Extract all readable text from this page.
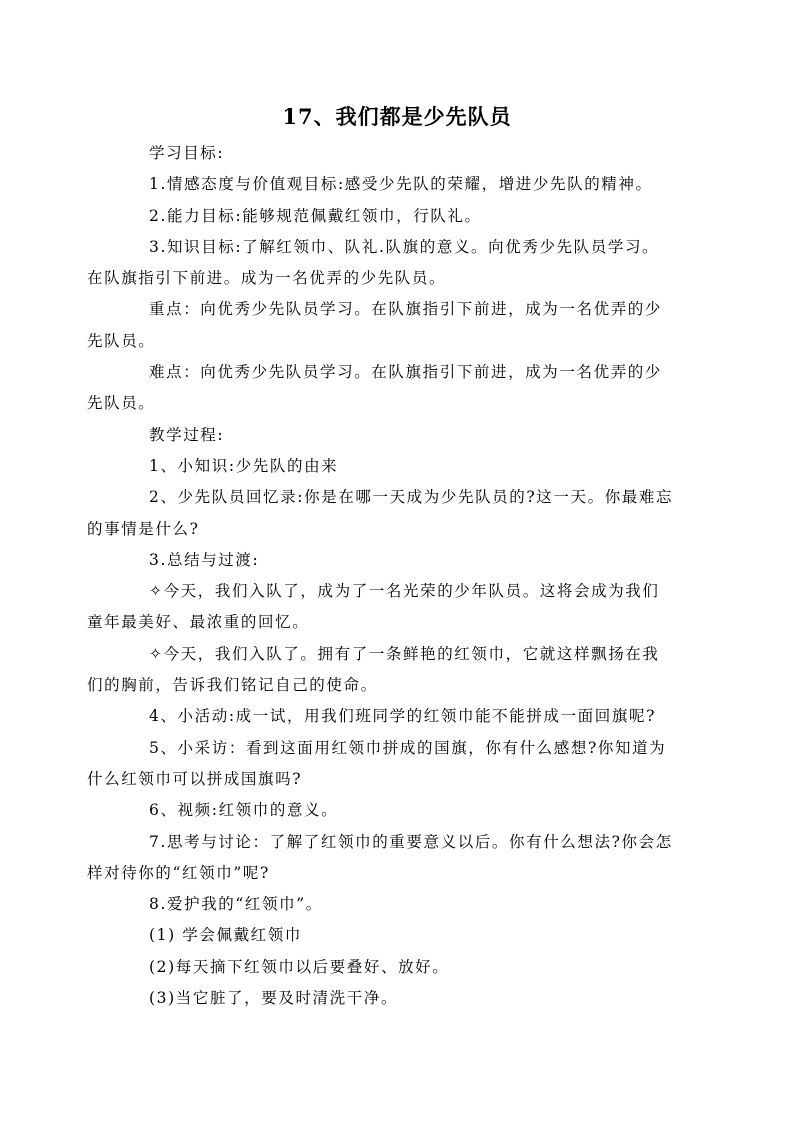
17、我们都是少先队员
学习目标:
1.情感态度与价值观目标:感受少先队的荣耀，增进少先队的精神。
2.能力目标:能够规范佩戴红领巾，行队礼。
3.知识目标:了解红领巾、队礼.队旗的意义。向优秀少先队员学习。
在队旗指引下前进。成为一名优弄的少先队员。
重点：向优秀少先队员学习。在队旗指引下前进，成为一名优弄的少
先队员。
难点：向优秀少先队员学习。在队旗指引下前进，成为一名优弄的少
先队员。
教学过程:
1、小知识:少先队的由来
2、少先队员回忆录:你是在哪一天成为少先队员的?这一天。你最难忘
的事情是什么?
3.总结与过渡:
✧今天，我们入队了，成为了一名光荣的少年队员。这将会成为我们
童年最美好、最浓重的回忆。
✧今天，我们入队了。拥有了一条鲜艳的红领巾，它就这样飘扬在我
们的胸前，告诉我们铭记自己的使命。
4、小活动:成一试，用我们班同学的红领巾能不能拼成一面回旗呢?
5、小采访：看到这面用红领巾拼成的国旗，你有什么感想?你知道为
什么红领巾可以拼成国旗吗?
6、视频:红领巾的意义。
7.思考与讨论：了解了红领巾的重要意义以后。你有什么想法?你会怎
样对待你的“红领巾”呢?
8.爱护我的“红领巾”。
(1) 学会佩戴红领巾
(2)每天摘下红领巾以后要叠好、放好。
(3)当它脏了，要及时清洗干净。
